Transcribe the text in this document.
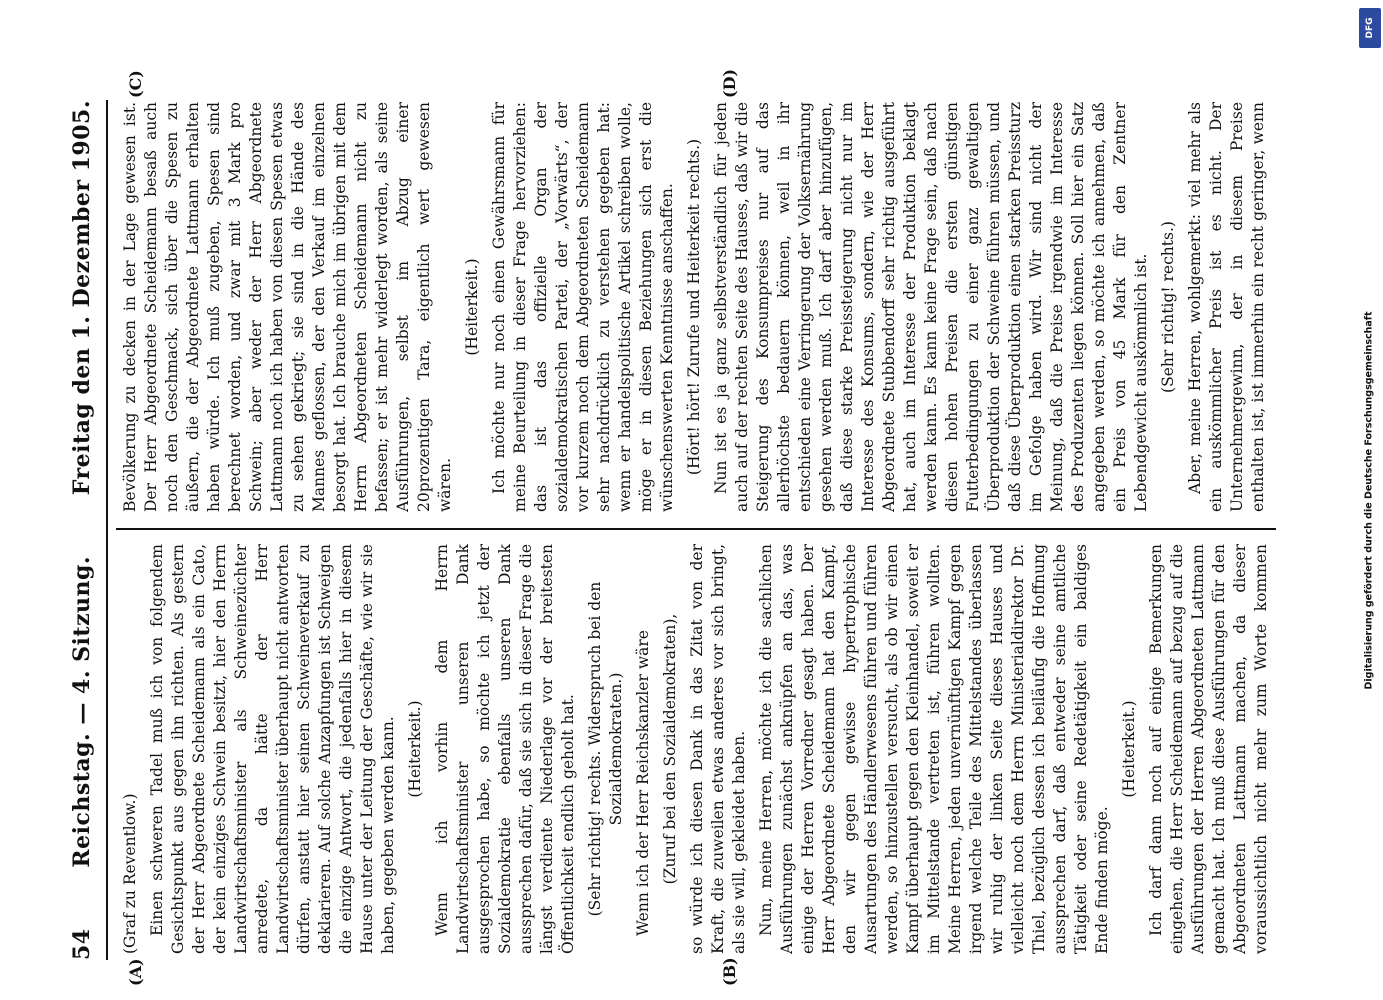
54
Reichstag. — 4. Sitzung.
Freitag den 1. Dezember 1905.
(A)	(B)
(C)	(D)

(Graf zu Reventlow.) Einen schweren Tadel muß ich von folgendem Gesichtspunkt aus gegen ihn richten. Als gestern der Herr Abgeordnete Scheidemann als ein Cato, der kein einziges Schwein besitzt, hier den Herrn Landwirtschaftsminister als Schweinezüchter anredete, da hätte der Herr Landwirtschaftsminister überhaupt nicht antworten dürfen, anstatt hier seinen Schweineverkauf zu deklarieren. Auf solche Anzapfungen ist Schweigen die einzige Antwort, die jedenfalls hier in diesem Hause unter der Leitung der Geschäfte, wie wir sie haben, gegeben werden kann. (Heiterkeit.) Wenn ich vorhin dem Herrn Landwirtschaftsminister unseren Dank ausgesprochen habe, so möchte ich jetzt der Sozialdemokratie ebenfalls unseren Dank aussprechen dafür, daß sie sich in dieser Frage die längst verdiente Niederlage vor der breitesten Öffentlichkeit endlich geholt hat. (Sehr richtig! rechts. Widerspruch bei den Sozialdemokraten.) Wenn ich der Herr Reichskanzler wäre (Zuruf bei den Sozialdemokraten), so würde ich diesen Dank in das Zitat von der Kraft, die zuweilen etwas anderes vor sich bringt, als sie will, gekleidet haben. Nun, meine Herren, möchte ich die sachlichen Ausführungen zunächst anknüpfen an das, was einige der Herren Vorredner gesagt haben. Der Herr Abgeordnete Scheidemann hat den Kampf, den wir gegen gewisse hypertrophische Ausartungen des Händlerwesens führen und führen werden, so hinzustellen versucht, als ob wir einen Kampf überhaupt gegen den Kleinhandel, soweit er im Mittelstande vertreten ist, führen wollten. Meine Herren, jeden unvernünftigen Kampf gegen irgend welche Teile des Mittelstandes überlassen wir ruhig der linken Seite dieses Hauses und vielleicht noch dem Herrn Ministerialdirektor Dr. Thiel, bezüglich dessen ich beiläufig die Hoffnung aussprechen darf, daß entweder seine amtliche Tätigkeit oder seine Redetätigkeit ein baldiges Ende finden möge.

(Heiterkeit.)

Ich darf dann noch auf einige Bemerkungen eingehen, die Herr Scheidemann auf bezug auf die Ausführungen der Herren Abgeordneten Lattmann gemacht hat. Ich muß diese Ausführungen für den Abgeordneten Lattmann machen, da dieser voraussichtlich nicht mehr zum Worte kommen

Bevölkerung zu decken in der Lage gewesen ist. Der Herr Abgeordnete Scheidemann besaß auch noch den Geschmack, sich über die Spesen zu äußern, die der Abgeordnete Lattmann erhalten haben würde. Ich muß zugeben, Spesen sind berechnet worden, und zwar mit 3 Mark pro Schwein; aber weder der Herr Abgeordnete Lattmann noch ich haben von diesen Spesen etwas zu sehen gekriegt; sie sind in die Hände des Mannes geflossen, der den Verkauf im einzelnen besorgt hat. Ich brauche mich im übrigen mit dem Herrn Abgeordneten Scheidemann nicht zu befassen; er ist mehr widerlegt worden, als seine Ausführungen, selbst im Abzug einer 20prozentigen Tara, eigentlich wert gewesen wären.

(Heiterkeit.) Ich möchte nur noch einen Gewährsmann für meine Beurteilung in dieser Frage hervorziehen: das ist das offizielle Organ der sozialdemokratischen Partei, der „Vorwärts“, der vor kurzem noch dem Abgeordneten Scheidemann sehr nachdrücklich zu verstehen gegeben hat: wenn er handelspolitische Artikel schreiben wolle, möge er in diesen Beziehungen sich erst die wünschenswerten Kenntnisse anschaffen. (Hört! hört! Zurufe und Heiterkeit rechts.) Nun ist es ja ganz selbstverständlich für jeden auch auf der rechten Seite des Hauses, daß wir die Steigerung des Konsumpreises nur auf das allerhöchste bedauern können, weil in ihr entschieden eine Verringerung der Volksernährung gesehen werden muß. Ich darf aber hinzufügen, daß diese starke Preissteigerung nicht nur im Interesse des Konsums, sondern, wie der Herr Abgeordnete Stubbendorff sehr richtig ausgeführt hat, auch im Interesse der Produktion beklagt werden kann. Es kann keine Frage sein, daß nach diesen hohen Preisen die ersten günstigen Futterbedingungen zu einer ganz gewaltigen Überproduktion der Schweine führen müssen, und daß diese Überproduktion einen starken Preissturz im Gefolge haben wird. Wir sind nicht der Meinung, daß die Preise irgendwie im Interesse des Produzenten liegen können. Soll hier ein Satz angegeben werden, so möchte ich annehmen, daß ein Preis von 45 Mark für den Zentner Lebendgewicht auskömmlich ist. (Sehr richtig! rechts.)

Aber, meine Herren, wohlgemerkt: viel mehr als ein auskömmlicher Preis ist es nicht. Der Unternehmergewinn, der in diesem Preise enthalten ist, ist immerhin ein recht geringer, wenn

DFG
Digitalisierung gefördert durch die Deutsche Forschungsgemeinschaft
